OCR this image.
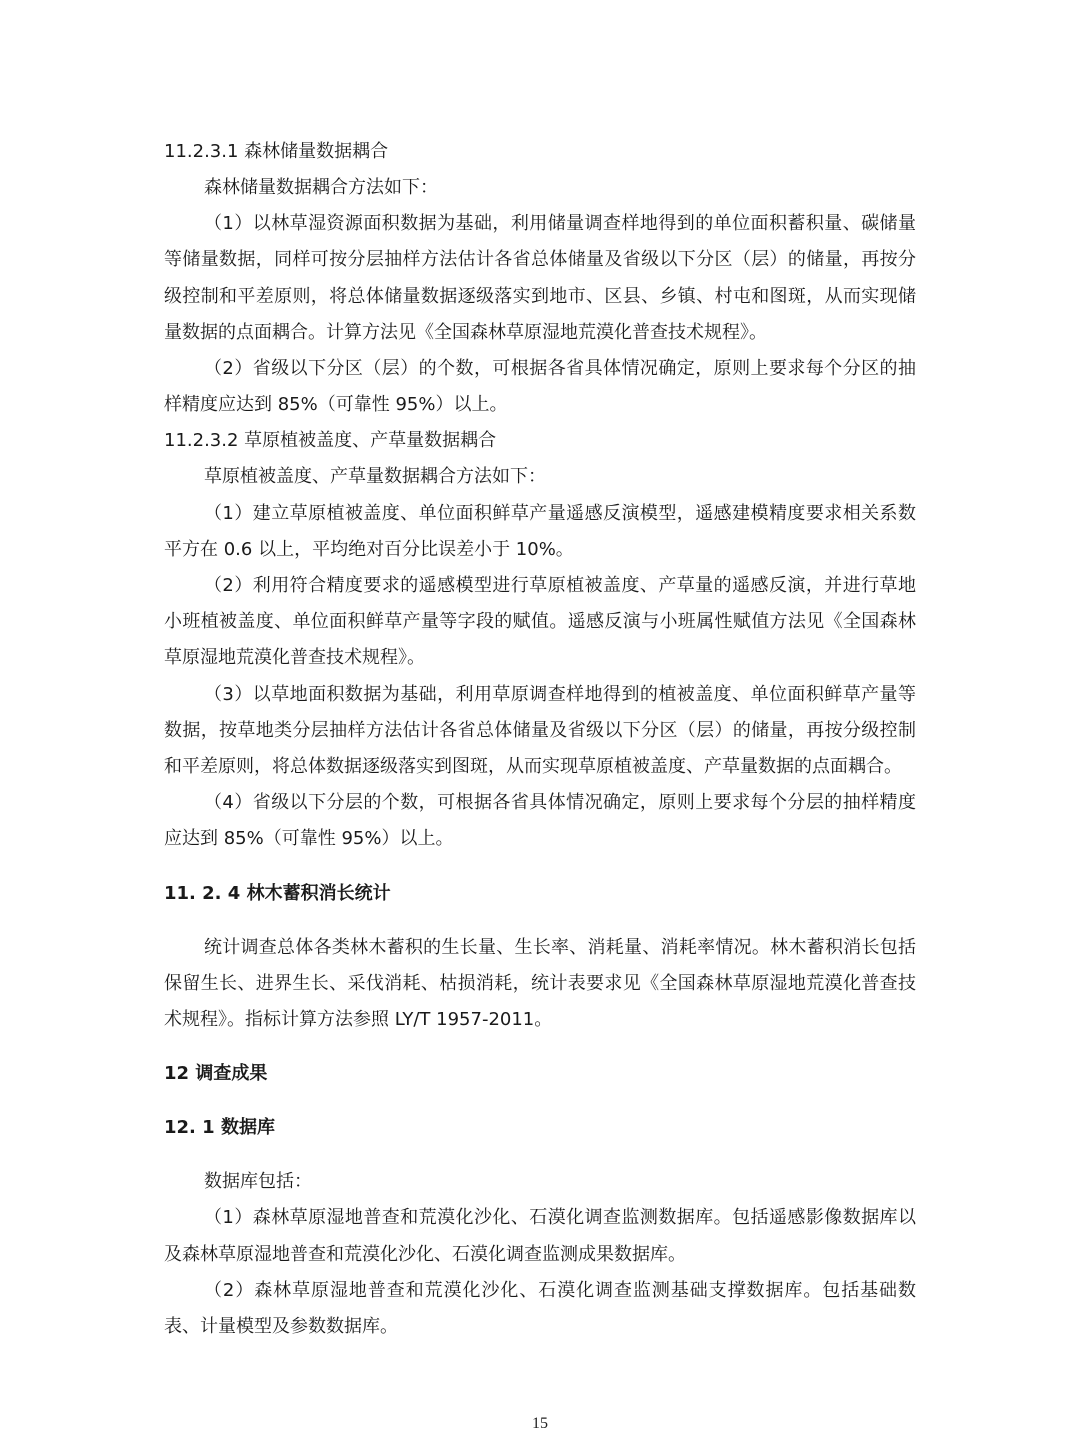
11.2.3.1 森林储量数据耦合
森林储量数据耦合方法如下：
（1）以林草湿资源面积数据为基础，利用储量调查样地得到的单位面积蓄积量、碳储量等储量数据，同样可按分层抽样方法估计各省总体储量及省级以下分区（层）的储量，再按分级控制和平差原则，将总体储量数据逐级落实到地市、区县、乡镇、村屯和图斑，从而实现储量数据的点面耦合。计算方法见《全国森林草原湿地荒漠化普查技术规程》。
（2）省级以下分区（层）的个数，可根据各省具体情况确定，原则上要求每个分区的抽样精度应达到 85%（可靠性 95%）以上。
11.2.3.2 草原植被盖度、产草量数据耦合
草原植被盖度、产草量数据耦合方法如下：
（1）建立草原植被盖度、单位面积鲜草产量遥感反演模型，遥感建模精度要求相关系数平方在 0.6 以上，平均绝对百分比误差小于 10%。
（2）利用符合精度要求的遥感模型进行草原植被盖度、产草量的遥感反演，并进行草地小班植被盖度、单位面积鲜草产量等字段的赋值。遥感反演与小班属性赋值方法见《全国森林草原湿地荒漠化普查技术规程》。
（3）以草地面积数据为基础，利用草原调查样地得到的植被盖度、单位面积鲜草产量等数据，按草地类分层抽样方法估计各省总体储量及省级以下分区（层）的储量，再按分级控制和平差原则，将总体数据逐级落实到图斑，从而实现草原植被盖度、产草量数据的点面耦合。
（4）省级以下分层的个数，可根据各省具体情况确定，原则上要求每个分层的抽样精度应达到 85%（可靠性 95%）以上。
11. 2. 4 林木蓄积消长统计
统计调查总体各类林木蓄积的生长量、生长率、消耗量、消耗率情况。林木蓄积消长包括保留生长、进界生长、采伐消耗、枯损消耗，统计表要求见《全国森林草原湿地荒漠化普查技术规程》。指标计算方法参照 LY/T 1957-2011。
12 调查成果
12. 1 数据库
数据库包括：
（1）森林草原湿地普查和荒漠化沙化、石漠化调查监测数据库。包括遥感影像数据库以及森林草原湿地普查和荒漠化沙化、石漠化调查监测成果数据库。
（2）森林草原湿地普查和荒漠化沙化、石漠化调查监测基础支撑数据库。包括基础数表、计量模型及参数数据库。
15
